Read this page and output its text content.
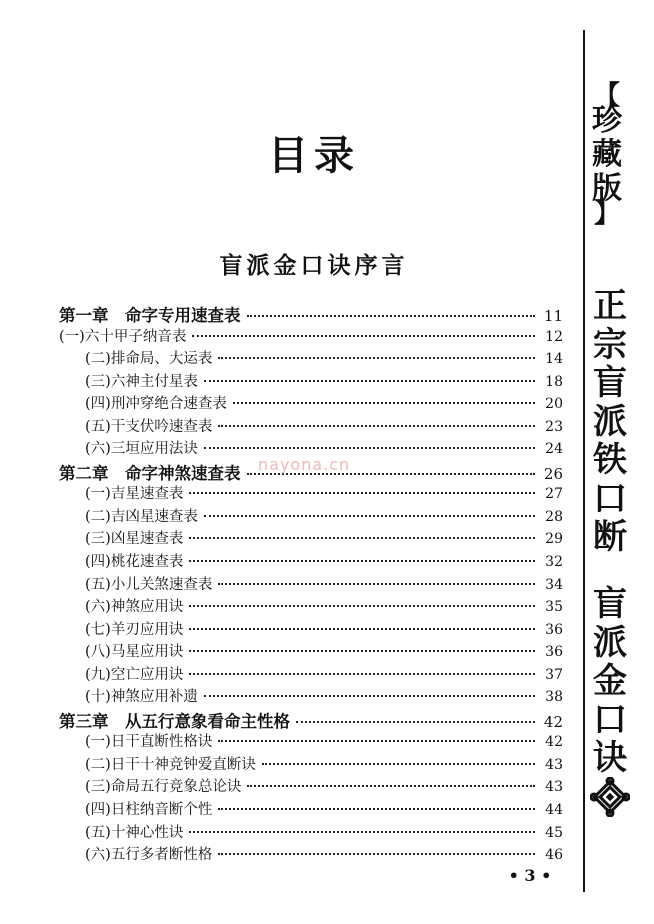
目录
盲派金口诀序言
第一章　命字专用速查表	11
(一)六十甲子纳音表	12
(二)排命局、大运表	14
(三)六神主付星表	18
(四)刑冲穿绝合速查表	20
(五)干支伏吟速查表	23
(六)三垣应用法诀	24
第二章　命字神煞速查表	26
(一)吉星速查表	27
(二)吉凶星速查表	28
(三)凶星速查表	29
(四)桃花速查表	32
(五)小儿关煞速查表	34
(六)神煞应用诀	35
(七)羊刃应用诀	36
(八)马星应用诀	36
(九)空亡应用诀	37
(十)神煞应用补遗	38
第三章　从五行意象看命主性格	42
(一)日干直断性格诀	42
(二)日干十神竞钟爱直断诀	43
(三)命局五行竞象总论诀	43
(四)日柱纳音断个性	44
(五)十神心性诀	45
(六)五行多者断性格	46
nayona.cn
【
珍
藏
版
】
正
宗
盲
派
铁
口
断
盲
派
金
口
诀
• 3 •
